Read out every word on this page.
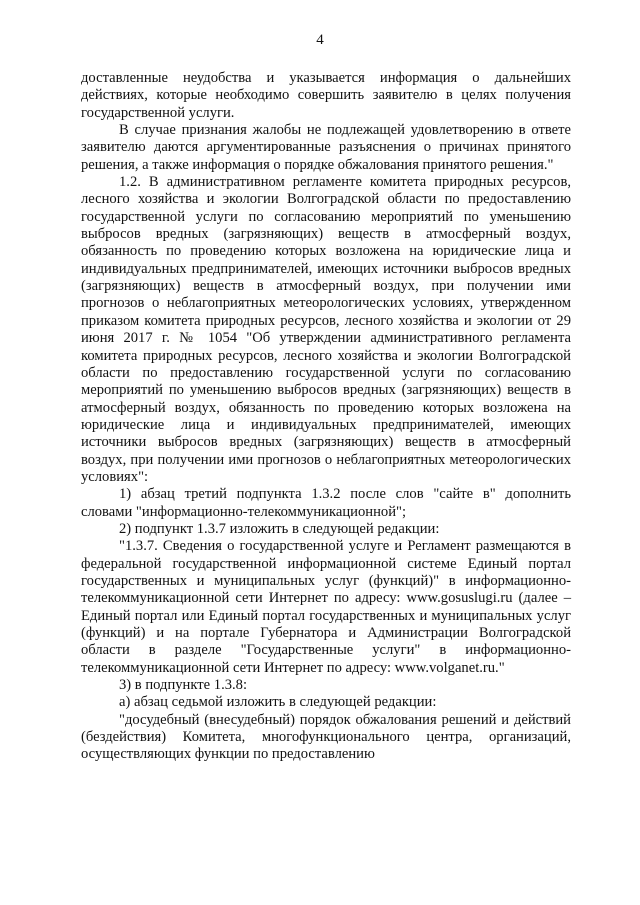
4

доставленные неудобства и указывается информация о дальнейших действиях, которые необходимо совершить заявителю в целях получения государственной услуги.

В случае признания жалобы не подлежащей удовлетворению в ответе заявителю даются аргументированные разъяснения о причинах принятого решения, а также информация о порядке обжалования принятого решения."

1.2. В административном регламенте комитета природных ресурсов, лесного хозяйства и экологии Волгоградской области по предоставлению государственной услуги по согласованию мероприятий по уменьшению выбросов вредных (загрязняющих) веществ в атмосферный воздух, обязанность по проведению которых возложена на юридические лица и индивидуальных предпринимателей, имеющих источники выбросов вредных (загрязняющих) веществ в атмосферный воздух, при получении ими прогнозов о неблагоприятных метеорологических условиях, утвержденном приказом комитета природных ресурсов, лесного хозяйства и экологии от 29 июня 2017 г. № 1054 "Об утверждении административного регламента комитета природных ресурсов, лесного хозяйства и экологии Волгоградской области по предоставлению государственной услуги по согласованию мероприятий по уменьшению выбросов вредных (загрязняющих) веществ в атмосферный воздух, обязанность по проведению которых возложена на юридические лица и индивидуальных предпринимателей, имеющих источники выбросов вредных (загрязняющих) веществ в атмосферный воздух, при получении ими прогнозов о неблагоприятных метеорологических условиях":

1) абзац третий подпункта 1.3.2 после слов "сайте в" дополнить словами "информационно-телекоммуникационной";

2) подпункт 1.3.7 изложить в следующей редакции:

"1.3.7. Сведения о государственной услуге и Регламент размещаются в федеральной государственной информационной системе Единый портал государственных и муниципальных услуг (функций)" в информационно-телекоммуникационной сети Интернет по адресу: www.gosuslugi.ru (далее – Единый портал или Единый портал государственных и муниципальных услуг (функций) и на портале Губернатора и Администрации Волгоградской области в разделе "Государственные услуги" в информационно-телекоммуникационной сети Интернет по адресу: www.volganet.ru."

3) в подпункте 1.3.8:

а) абзац седьмой изложить в следующей редакции:

"досудебный (внесудебный) порядок обжалования решений и действий (бездействия) Комитета, многофункционального центра, организаций, осуществляющих функции по предоставлению
